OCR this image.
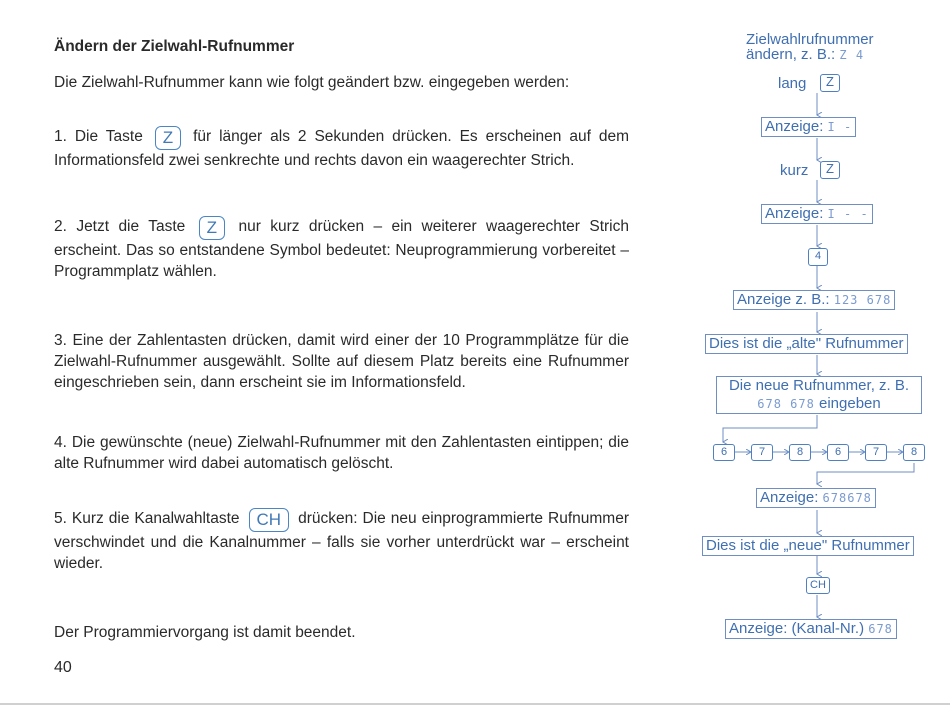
Ändern der Zielwahl-Rufnummer
Die Zielwahl-Rufnummer kann wie folgt geändert bzw. eingegeben werden:
1. Die Taste Z für länger als 2 Sekunden drücken. Es erscheinen auf dem Informationsfeld zwei senkrechte und rechts davon ein waagerechter Strich.
2. Jetzt die Taste Z nur kurz drücken – ein weiterer waagerechter Strich erscheint. Das so entstandene Symbol bedeutet: Neuprogrammierung vorbereitet – Programmplatz wählen.
3. Eine der Zahlentasten drücken, damit wird einer der 10 Programmplätze für die Zielwahl-Rufnummer ausgewählt. Sollte auf diesem Platz bereits eine Rufnummer eingeschrieben sein, dann erscheint sie im Informationsfeld.
4. Die gewünschte (neue) Zielwahl-Rufnummer mit den Zahlentasten eintippen; die alte Rufnummer wird dabei automatisch gelöscht.
5. Kurz die Kanalwahltaste CH drücken: Die neu einprogrammierte Rufnummer verschwindet und die Kanalnummer – falls sie vorher unterdrückt war – erscheint wieder.
Der Programmiervorgang ist damit beendet.
40
Zielwahlrufnummer
ändern, z. B.: Z 4
lang	Z
Anzeige: I -
kurz	Z
Anzeige: I - -
4
Anzeige z. B.: 123 678
Dies ist die „alte" Rufnummer
Die neue Rufnummer, z. B.
678 678 eingeben
6	7	8	6	7	8
Anzeige: 678678
Dies ist die „neue" Rufnummer
CH
Anzeige: (Kanal-Nr.) 678
